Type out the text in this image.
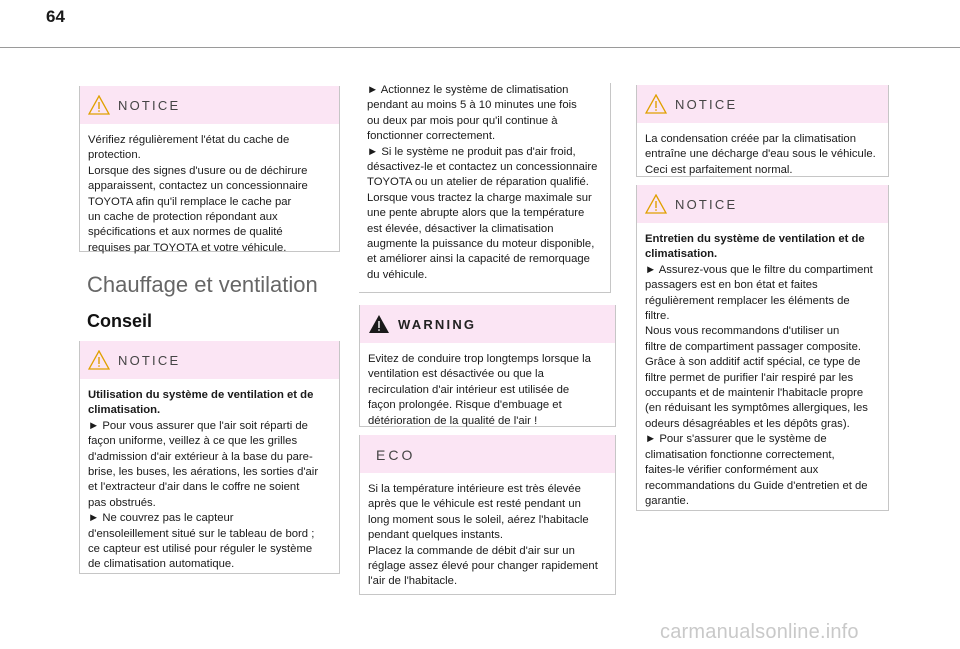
64
NOTICE

Vérifiez régulièrement l'état du cache de

protection.

Lorsque des signes d'usure ou de déchirure

apparaissent, contactez un concessionnaire

TOYOTA afin qu'il remplace le cache par

un cache de protection répondant aux

spécifications et aux normes de qualité

requises par TOYOTA et votre véhicule.

Chauffage et ventilation
Conseil
NOTICE

Utilisation du système de ventilation et de

climatisation.

► Pour vous assurer que l'air soit réparti de

façon uniforme, veillez à ce que les grilles

d'admission d'air extérieur à la base du pare-

brise, les buses, les aérations, les sorties d'air

et l'extracteur d'air dans le coffre ne soient

pas obstrués.

► Ne couvrez pas le capteur

d'ensoleillement situé sur le tableau de bord ;

ce capteur est utilisé pour réguler le système

de climatisation automatique.

► Actionnez le système de climatisation

pendant au moins 5 à 10 minutes une fois

ou deux par mois pour qu'il continue à

fonctionner correctement.

► Si le système ne produit pas d'air froid,

désactivez-le et contactez un concessionnaire

TOYOTA ou un atelier de réparation qualifié.

Lorsque vous tractez la charge maximale sur

une pente abrupte alors que la température

est élevée, désactiver la climatisation

augmente la puissance du moteur disponible,

et améliorer ainsi la capacité de remorquage

du véhicule.

WARNING

Evitez de conduire trop longtemps lorsque la

ventilation est désactivée ou que la

recirculation d'air intérieur est utilisée de

façon prolongée. Risque d'embuage et

détérioration de la qualité de l'air !

ECO

Si la température intérieure est très élevée

après que le véhicule est resté pendant un

long moment sous le soleil, aérez l'habitacle

pendant quelques instants.

Placez la commande de débit d'air sur un

réglage assez élevé pour changer rapidement

l'air de l'habitacle.

NOTICE

La condensation créée par la climatisation

entraîne une décharge d'eau sous le véhicule.

Ceci est parfaitement normal.

NOTICE

Entretien du système de ventilation et de

climatisation.

► Assurez-vous que le filtre du compartiment

passagers est en bon état et faites

régulièrement remplacer les éléments de

filtre.

Nous vous recommandons d'utiliser un

filtre de compartiment passager composite.

Grâce à son additif actif spécial, ce type de

filtre permet de purifier l'air respiré par les

occupants et de maintenir l'habitacle propre

(en réduisant les symptômes allergiques, les

odeurs désagréables et les dépôts gras).

► Pour s'assurer que le système de

climatisation fonctionne correctement,

faites-le vérifier conformément aux

recommandations du Guide d'entretien et de

garantie.

carmanualsonline.info
